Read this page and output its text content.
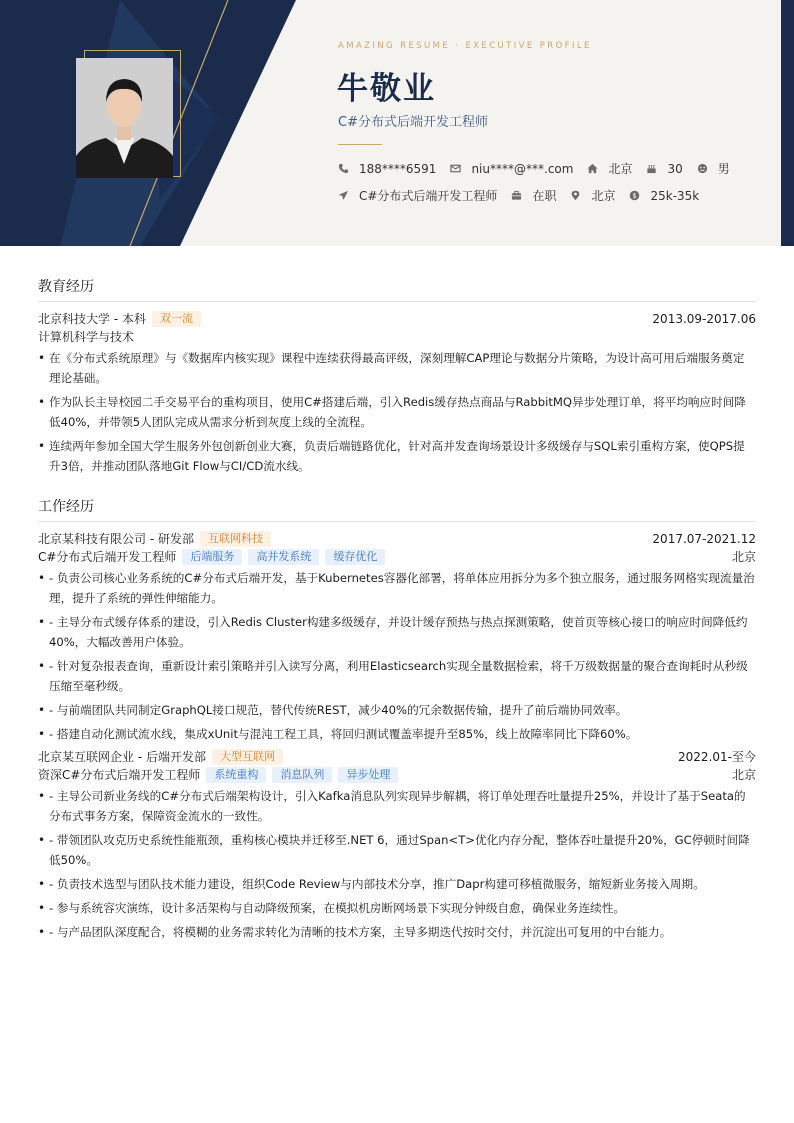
AMAZING RESUME · EXECUTIVE PROFILE
牛敬业
C#分布式后端开发工程师
188****6591	niu****@***.com	北京	30	男
C#分布式后端开发工程师	在职	北京 $ 25k-35k
教育经历
北京科技大学 - 本科	双一流	2013.09-2017.06
计算机科学与技术
• 在《分布式系统原理》与《数据库内核实现》课程中连续获得最高评级，深刻理解CAP理论与数据分片策略，为设计高可用后端服务奠定理论基础。
• 作为队长主导校园二手交易平台的重构项目，使用C#搭建后端，引入Redis缓存热点商品与RabbitMQ异步处理订单，将平均响应时间降低40%，并带领5人团队完成从需求分析到灰度上线的全流程。
• 连续两年参加全国大学生服务外包创新创业大赛，负责后端链路优化，针对高并发查询场景设计多级缓存与SQL索引重构方案，使QPS提升3倍，并推动团队落地Git Flow与CI/CD流水线。
工作经历
北京某科技有限公司 - 研发部	互联网科技	2017.07-2021.12
C#分布式后端开发工程师	后端服务	高并发系统	缓存优化	北京
• - 负责公司核心业务系统的C#分布式后端开发，基于Kubernetes容器化部署，将单体应用拆分为多个独立服务，通过服务网格实现流量治理，提升了系统的弹性伸缩能力。
• - 主导分布式缓存体系的建设，引入Redis Cluster构建多级缓存，并设计缓存预热与热点探测策略，使首页等核心接口的响应时间降低约40%，大幅改善用户体验。
• - 针对复杂报表查询，重新设计索引策略并引入读写分离，利用Elasticsearch实现全量数据检索，将千万级数据量的聚合查询耗时从秒级压缩至毫秒级。
• - 与前端团队共同制定GraphQL接口规范，替代传统REST，减少40%的冗余数据传输，提升了前后端协同效率。
• - 搭建自动化测试流水线，集成xUnit与混沌工程工具，将回归测试覆盖率提升至85%，线上故障率同比下降60%。
北京某互联网企业 - 后端开发部	大型互联网	2022.01-至今
资深C#分布式后端开发工程师	系统重构	消息队列	异步处理	北京
• - 主导公司新业务线的C#分布式后端架构设计，引入Kafka消息队列实现异步解耦，将订单处理吞吐量提升25%，并设计了基于Seata的分布式事务方案，保障资金流水的一致性。
• - 带领团队攻克历史系统性能瓶颈，重构核心模块并迁移至.NET 6，通过Span<T>优化内存分配，整体吞吐量提升20%，GC停顿时间降低50%。
• - 负责技术选型与团队技术能力建设，组织Code Review与内部技术分享，推广Dapr构建可移植微服务，缩短新业务接入周期。
• - 参与系统容灾演练，设计多活架构与自动降级预案，在模拟机房断网场景下实现分钟级自愈，确保业务连续性。
• - 与产品团队深度配合，将模糊的业务需求转化为清晰的技术方案，主导多期迭代按时交付，并沉淀出可复用的中台能力。
